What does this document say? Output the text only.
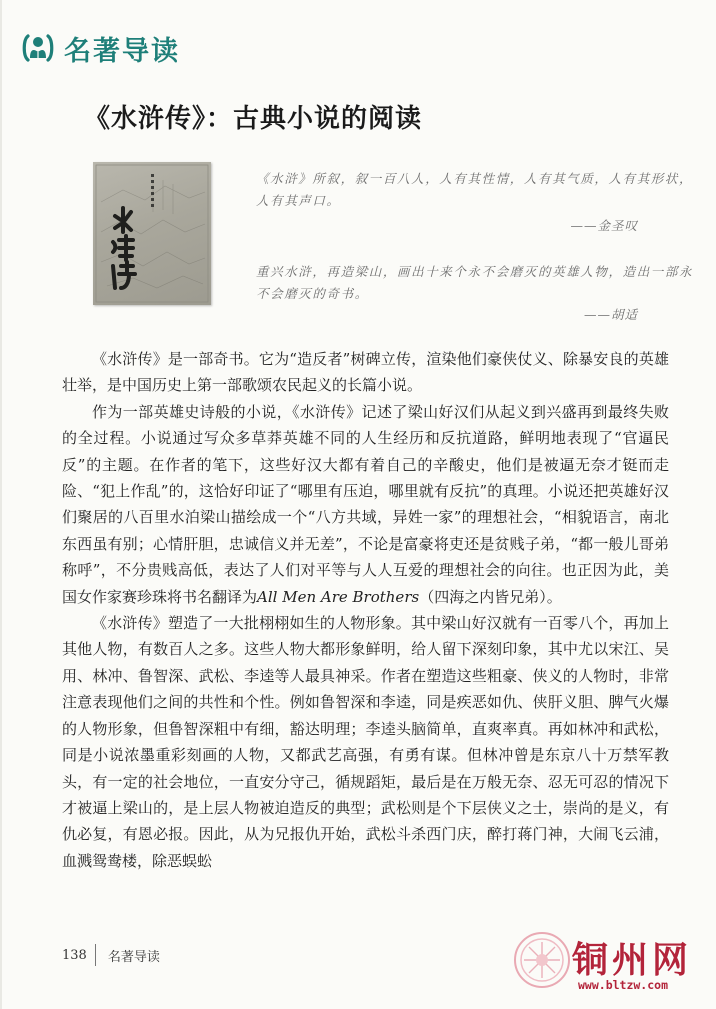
名著导读
《水浒传》：古典小说的阅读
《水浒》所叙，叙一百八人，人有其性情，人有其气质，人有其形状，人有其声口。
——金圣叹
重兴水浒，再造梁山，画出十来个永不会磨灭的英雄人物，造出一部永不会磨灭的奇书。
——胡适

《水浒传》是一部奇书。它为“造反者”树碑立传，渲染他们豪侠仗义、除暴安良的英雄壮举，是中国历史上第一部歌颂农民起义的长篇小说。

作为一部英雄史诗般的小说，《水浒传》记述了梁山好汉们从起义到兴盛再到最终失败的全过程。小说通过写众多草莽英雄不同的人生经历和反抗道路，鲜明地表现了“官逼民反”的主题。在作者的笔下，这些好汉大都有着自己的辛酸史，他们是被逼无奈才铤而走险、“犯上作乱”的，这恰好印证了“哪里有压迫，哪里就有反抗”的真理。小说还把英雄好汉们聚居的八百里水泊梁山描绘成一个“八方共域，异姓一家”的理想社会，“相貌语言，南北东西虽有别；心情肝胆，忠诚信义并无差”，不论是富豪将吏还是贫贱子弟，“都一般儿哥弟称呼”，不分贵贱高低，表达了人们对平等与人人互爱的理想社会的向往。也正因为此，美国女作家赛珍珠将书名翻译为All Men Are Brothers（四海之内皆兄弟）。

《水浒传》塑造了一大批栩栩如生的人物形象。其中梁山好汉就有一百零八个，再加上其他人物，有数百人之多。这些人物大都形象鲜明，给人留下深刻印象，其中尤以宋江、吴用、林冲、鲁智深、武松、李逵等人最具神采。作者在塑造这些粗豪、侠义的人物时，非常注意表现他们之间的共性和个性。例如鲁智深和李逵，同是疾恶如仇、侠肝义胆、脾气火爆的人物形象，但鲁智深粗中有细，豁达明理；李逵头脑简单，直爽率真。再如林冲和武松，同是小说浓墨重彩刻画的人物，又都武艺高强，有勇有谋。但林冲曾是东京八十万禁军教头，有一定的社会地位，一直安分守己，循规蹈矩，最后是在万般无奈、忍无可忍的情况下才被逼上梁山的，是上层人物被迫造反的典型；武松则是个下层侠义之士，崇尚的是义，有仇必复，有恩必报。因此，从为兄报仇开始，武松斗杀西门庆，醉打蒋门神，大闹飞云浦，血溅鸳鸯楼，除恶蜈蚣

138 名著导读	铜州网
www.bltzw.com
